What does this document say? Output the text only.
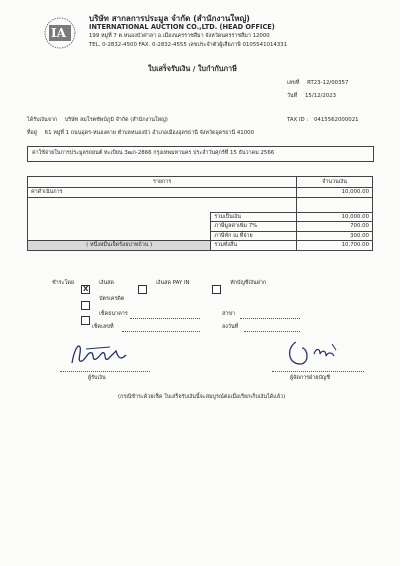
IA
บริษัท สากลการประมูล จำกัด (สำนักงานใหญ่)
INTERNATIONAL AUCTION CO.,LTD. (HEAD OFFICE)
199 หมู่ที่ 7 ต.หนองบัวศาลา อ.เมืองนครราชสีมา จังหวัดนครราชสีมา 12000
TEL. 0-2832-4500 FAX. 0-2832-4555 เลขประจำตัวผู้เสียภาษี 0105541014331
ใบเสร็จรับเงิน / ใบกำกับภาษี
เลขที่ RT23-12/00357
วันที่ 15/12/2023
ได้รับเงินจาก บริษัท ลมโรตชัพบ์ภูมิ จำกัด (สำนักงานใหญ่)	TAX ID : 0415562000021
ที่อยู่ 61 หมู่ที่ 1 ถนนอุดร-หนองคาย ตำบลหนองบัว อำเภอเมืองอุดรธานี จังหวัดอุดรธานี 41000
ค่าใช้จ่ายในการประมูลรถยนต์ ทะเบียน 3ฒก-2866 กรุงเทพมหานคร ประจำวันศุกร์ที่ 15 ธันวาคม 2566
รายการ		จำนวนเงิน
ค่าดำเนินการ		10,000.00

	รวมเป็นเงิน	10,000.00
	ภาษีมูลค่าเพิ่ม 7%	700.00
	ภาษีหัก ณ ที่จ่าย	300.00
( หนึ่งหมื่นเจ็ดร้อยบาทถ้วน )	รวมทั้งสิ้น	10,700.00
ชำระโดย
X
$^{เงินสด}$	$^{เงินสด PAY IN}$	$^{หักบัญชีเงินฝาก}$
$^{บัตรเครดิต}$
$^{เช็คธนาคาร}$	สาขา
เช็คเลขที่	ลงวันที่
ผู้รับเงิน	ผู้จัดการฝ่ายบัญชี
(กรณีชำระด้วยเช็ค ใบเสร็จรับเงินนี้จะสมบูรณ์ต่อเมื่อเรียกเก็บเงินได้แล้ว)
